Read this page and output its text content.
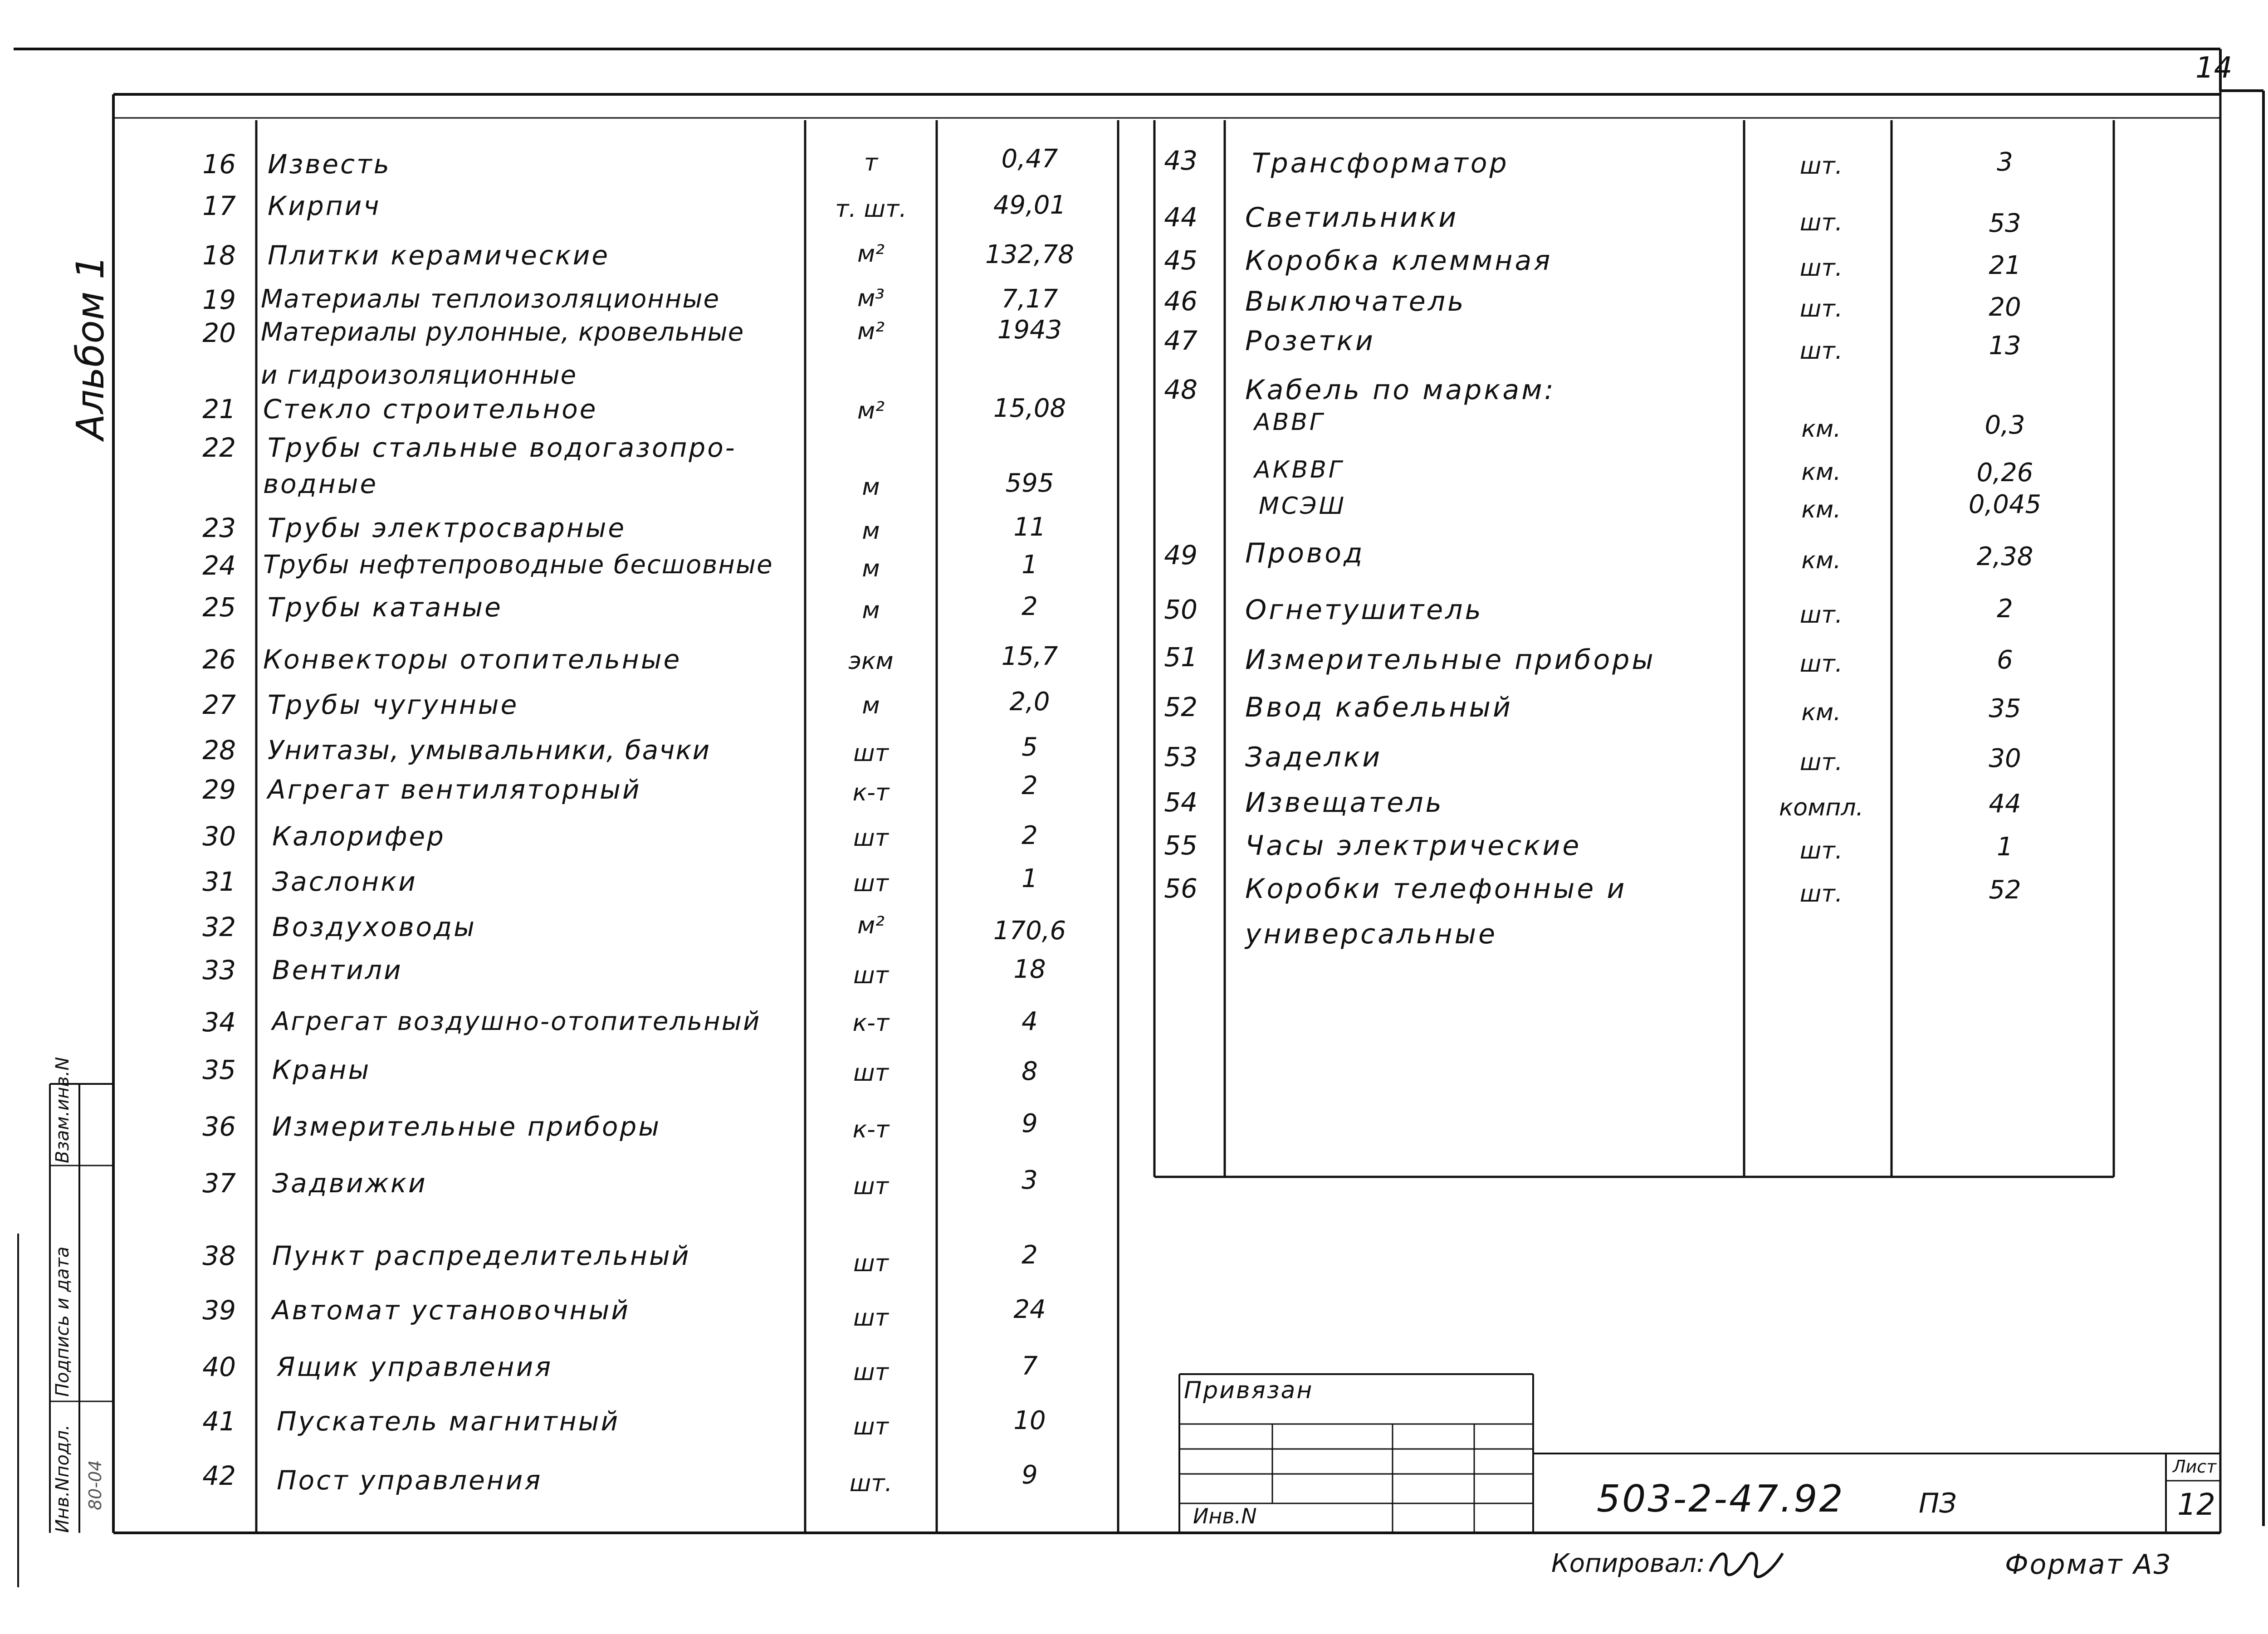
14
Альбом 1
Инв.Nподл.
Подпись и дата
Взам.инв.N
80-04
16 Известь	т	0,47
17 Кирпич	т. шт.	49,01
18 Плитки керамические	м²	132,78
19 Материалы теплоизоляционные	м³	7,17
20 Материалы рулонные, кровельные	м²	1943
и гидроизоляционные
21 Стекло строительное	м²	15,08
22 Трубы стальные водогазопро-
водные	м	595
23 Трубы электросварные	м	11
24 Трубы нефтепроводные бесшовные	м	1
25 Трубы катаные	м	2
26 Конвекторы отопительные	экм	15,7
27 Трубы чугунные	м	2,0
28 Унитазы, умывальники, бачки	шт	5
29 Агрегат вентиляторный	к-т	2
30 Калорифер	шт	2
31 Заслонки	шт	1
32 Воздуховоды	м²	170,6
33 Вентили	шт	18
34 Агрегат воздушно-отопительный	к-т	4
35 Краны	шт	8
36 Измерительные приборы	к-т	9
37 Задвижки	шт	3
38 Пункт распределительный	шт	2
39 Автомат установочный	шт	24
40 Ящик управления	шт	7
41 Пускатель магнитный	шт	10
42 Пост управления	шт.	9
43 Трансформатор	шт.	3
44 Светильники	шт.	53
45 Коробка клеммная	шт.	21
46 Выключатель	шт.	20
47 Розетки	шт.	13
48 Кабель по маркам:
АВВГ	км.	0,3
АКВВГ	км.	0,26
МСЭШ	км.	0,045
49 Провод	км.	2,38
50 Огнетушитель	шт.	2
51 Измерительные приборы	шт.	6
52 Ввод кабельный	км.	35
53 Заделки	шт.	30
54 Извещатель	компл.	44
55 Часы электрические	шт.	1
56 Коробки телефонные и	шт.	52
универсальные
Привязан
Инв.N	503-2-47.92	ПЗ
Лист
12
Копировал:	Формат А3
